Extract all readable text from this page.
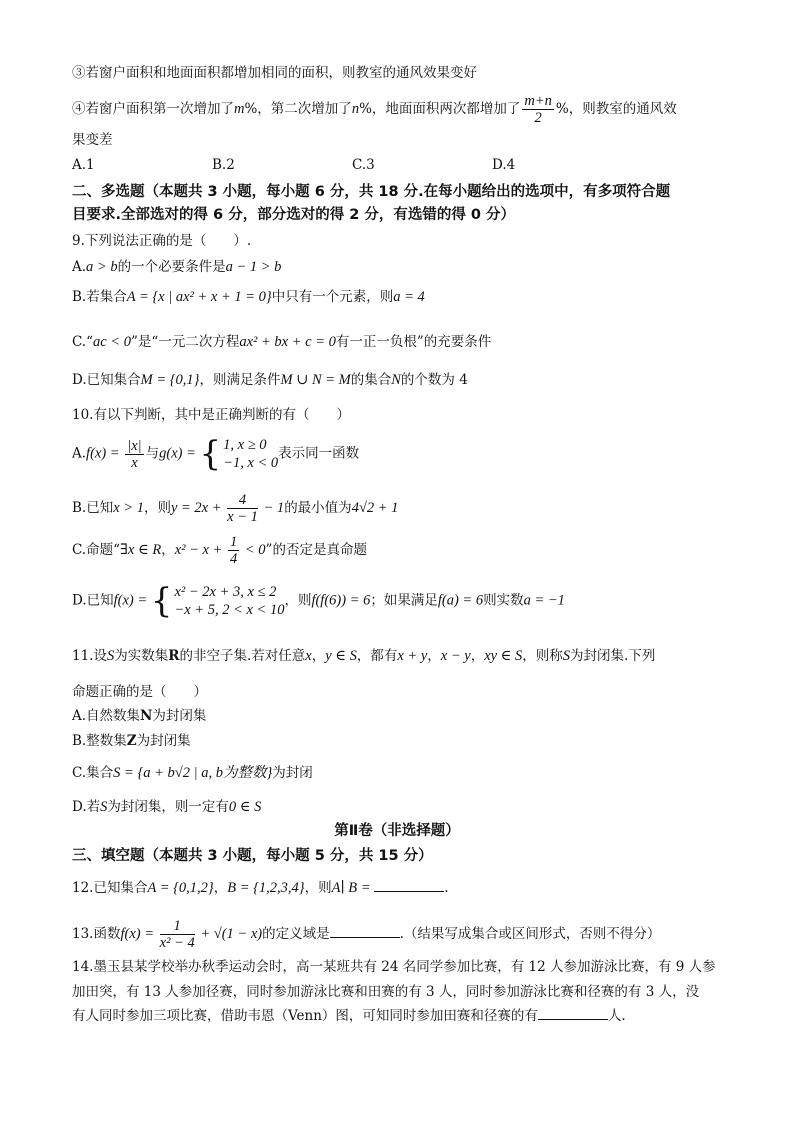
③若窗户面积和地面面积都增加相同的面积，则教室的通风效果变好
④若窗户面积第一次增加了m%，第二次增加了n%，地面面积两次都增加了 $\frac{m+n}{2}$ %，则教室的通风效
果变差
A.1	B.2	C.3	D.4
二、多选题（本题共 3 小题，每小题 6 分，共 18 分.在每小题给出的选项中，有多项符合题
目要求.全部选对的得 6 分，部分选对的得 2 分，有选错的得 0 分）
9.下列说法正确的是（　　）.
A.a > b的一个必要条件是a − 1 > b
B.若集合A = {x | ax² + x + 1 = 0}中只有一个元素，则a = 4
C.“ac < 0”是“一元二次方程ax² + bx + c = 0有一正一负根”的充要条件
D.已知集合M = {0,1}，则满足条件M ∪ N = M的集合N的个数为 4
10.有以下判断，其中是正确判断的有（　　）
$A.f(x) = \frac{|x|}{x}$ 与g(x) = { 1, x ≥ 0
−1, x < 0
表示同一函数
B.已知x > 1，则$y = 2x + \frac{4}{x - 1} - 1$的最小值为4√2 + 1
C.命题“∃x ∈ R，$x^2 - x + \frac{1}{4} < 0$”的否定是真命题
D.已知f(x) = { x² − 2x + 3, x ≤ 2
−x + 5, 2 < x < 10
，则f(f(6)) = 6；如果满足f(a) = 6则实数a = −1
11.设S为实数集R的非空子集.若对任意x，y ∈ S，都有x + y，x − y，xy ∈ S，则称S为封闭集.下列
命题正确的是（　　）
A.自然数集N为封闭集
B.整数集Z为封闭集
C.集合S = {a + b√2 | a, b为整数}为封闭
D.若S为封闭集，则一定有0 ∈ S
第Ⅱ卷（非选择题）
三、填空题（本题共 3 小题，每小题 5 分，共 15 分）
12.已知集合A = {0,1,2}，B = {1,2,3,4}，则A∣ B =	.
13.函数$f(x) = \frac{1}{\text{x² − 4}} + √(1 - x)$的定义域是	.（结果写成集合或区间形式，否则不得分）
14.墨玉县某学校举办秋季运动会时，高一某班共有 24 名同学参加比赛，有 12 人参加游泳比赛，有 9 人参
加田突，有 13 人参加径赛，同时参加游泳比赛和田赛的有 3 人，同时参加游泳比赛和径赛的有 3 人，没
有人同时参加三项比赛，借助韦恩（Venn）图，可知同时参加田赛和径赛的有	人.
